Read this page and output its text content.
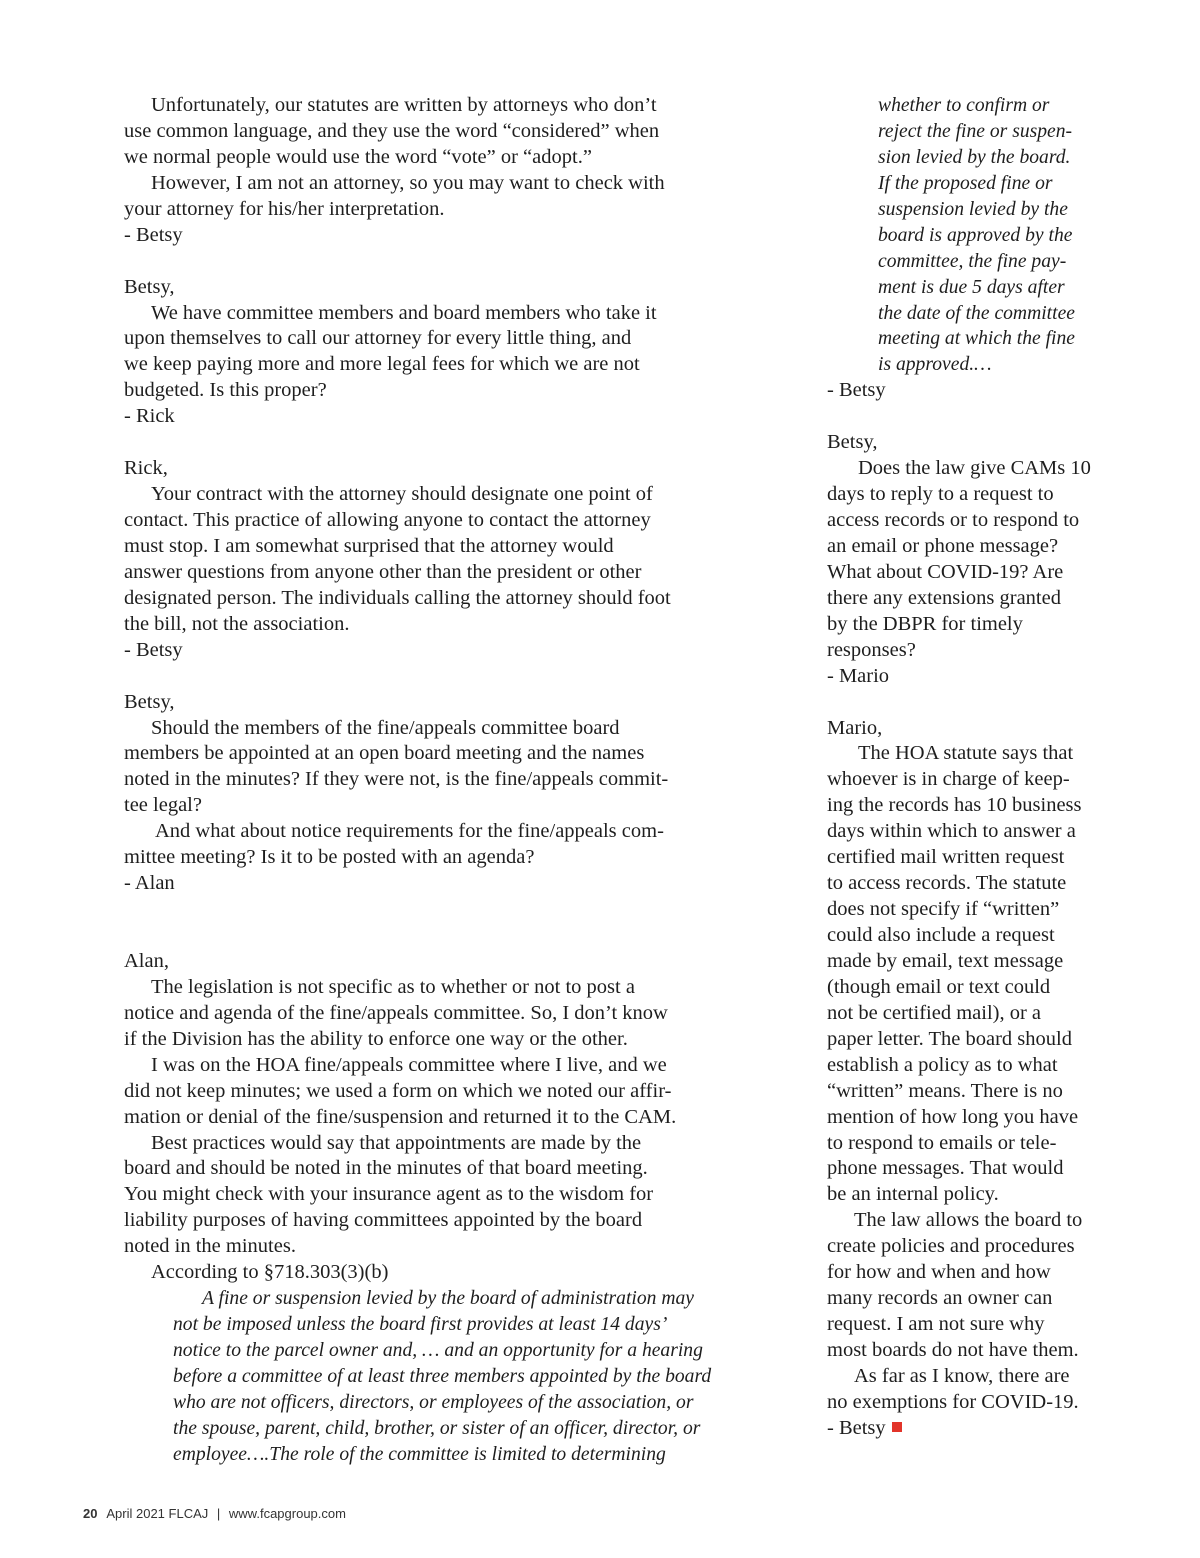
Unfortunately, our statutes are written by attorneys who don’t
use common language, and they use the word “considered” when
we normal people would use the word “vote” or “adopt.”
However, I am not an attorney, so you may want to check with
your attorney for his/her interpretation.
- Betsy
Betsy,
We have committee members and board members who take it
upon themselves to call our attorney for every little thing, and
we keep paying more and more legal fees for which we are not
budgeted. Is this proper?
- Rick
Rick,
Your contract with the attorney should designate one point of
contact. This practice of allowing anyone to contact the attorney
must stop. I am somewhat surprised that the attorney would
answer questions from anyone other than the president or other
designated person. The individuals calling the attorney should foot
the bill, not the association.
- Betsy
Betsy,
Should the members of the fine/appeals committee board
members be appointed at an open board meeting and the names
noted in the minutes? If they were not, is the fine/appeals commit-
tee legal?
And what about notice requirements for the fine/appeals com-
mittee meeting? Is it to be posted with an agenda?
- Alan
Alan,
The legislation is not specific as to whether or not to post a
notice and agenda of the fine/appeals committee. So, I don’t know
if the Division has the ability to enforce one way or the other.
I was on the HOA fine/appeals committee where I live, and we
did not keep minutes; we used a form on which we noted our affir-
mation or denial of the fine/suspension and returned it to the CAM.
Best practices would say that appointments are made by the
board and should be noted in the minutes of that board meeting.
You might check with your insurance agent as to the wisdom for
liability purposes of having committees appointed by the board
noted in the minutes.
According to §718.303(3)(b)
A fine or suspension levied by the board of administration may
not be imposed unless the board first provides at least 14 days’
notice to the parcel owner and, … and an opportunity for a hearing
before a committee of at least three members appointed by the board
who are not officers, directors, or employees of the association, or
the spouse, parent, child, brother, or sister of an officer, director, or
employee….The role of the committee is limited to determining
whether to confirm or
reject the fine or suspen-
sion levied by the board.
If the proposed fine or
suspension levied by the
board is approved by the
committee, the fine pay-
ment is due 5 days after
the date of the committee
meeting at which the fine
is approved.…
- Betsy
Betsy,
Does the law give CAMs 10
days to reply to a request to
access records or to respond to
an email or phone message?
What about COVID-19? Are
there any extensions granted
by the DBPR for timely
responses?
- Mario
Mario,
The HOA statute says that
whoever is in charge of keep-
ing the records has 10 business
days within which to answer a
certified mail written request
to access records. The statute
does not specify if “written”
could also include a request
made by email, text message
(though email or text could
not be certified mail), or a
paper letter. The board should
establish a policy as to what
“written” means. There is no
mention of how long you have
to respond to emails or tele-
phone messages. That would
be an internal policy.
The law allows the board to
create policies and procedures
for how and when and how
many records an owner can
request. I am not sure why
most boards do not have them.
As far as I know, there are
no exemptions for COVID-19.
- Betsy
20 April 2021 FLCAJ | www.fcapgroup.com
